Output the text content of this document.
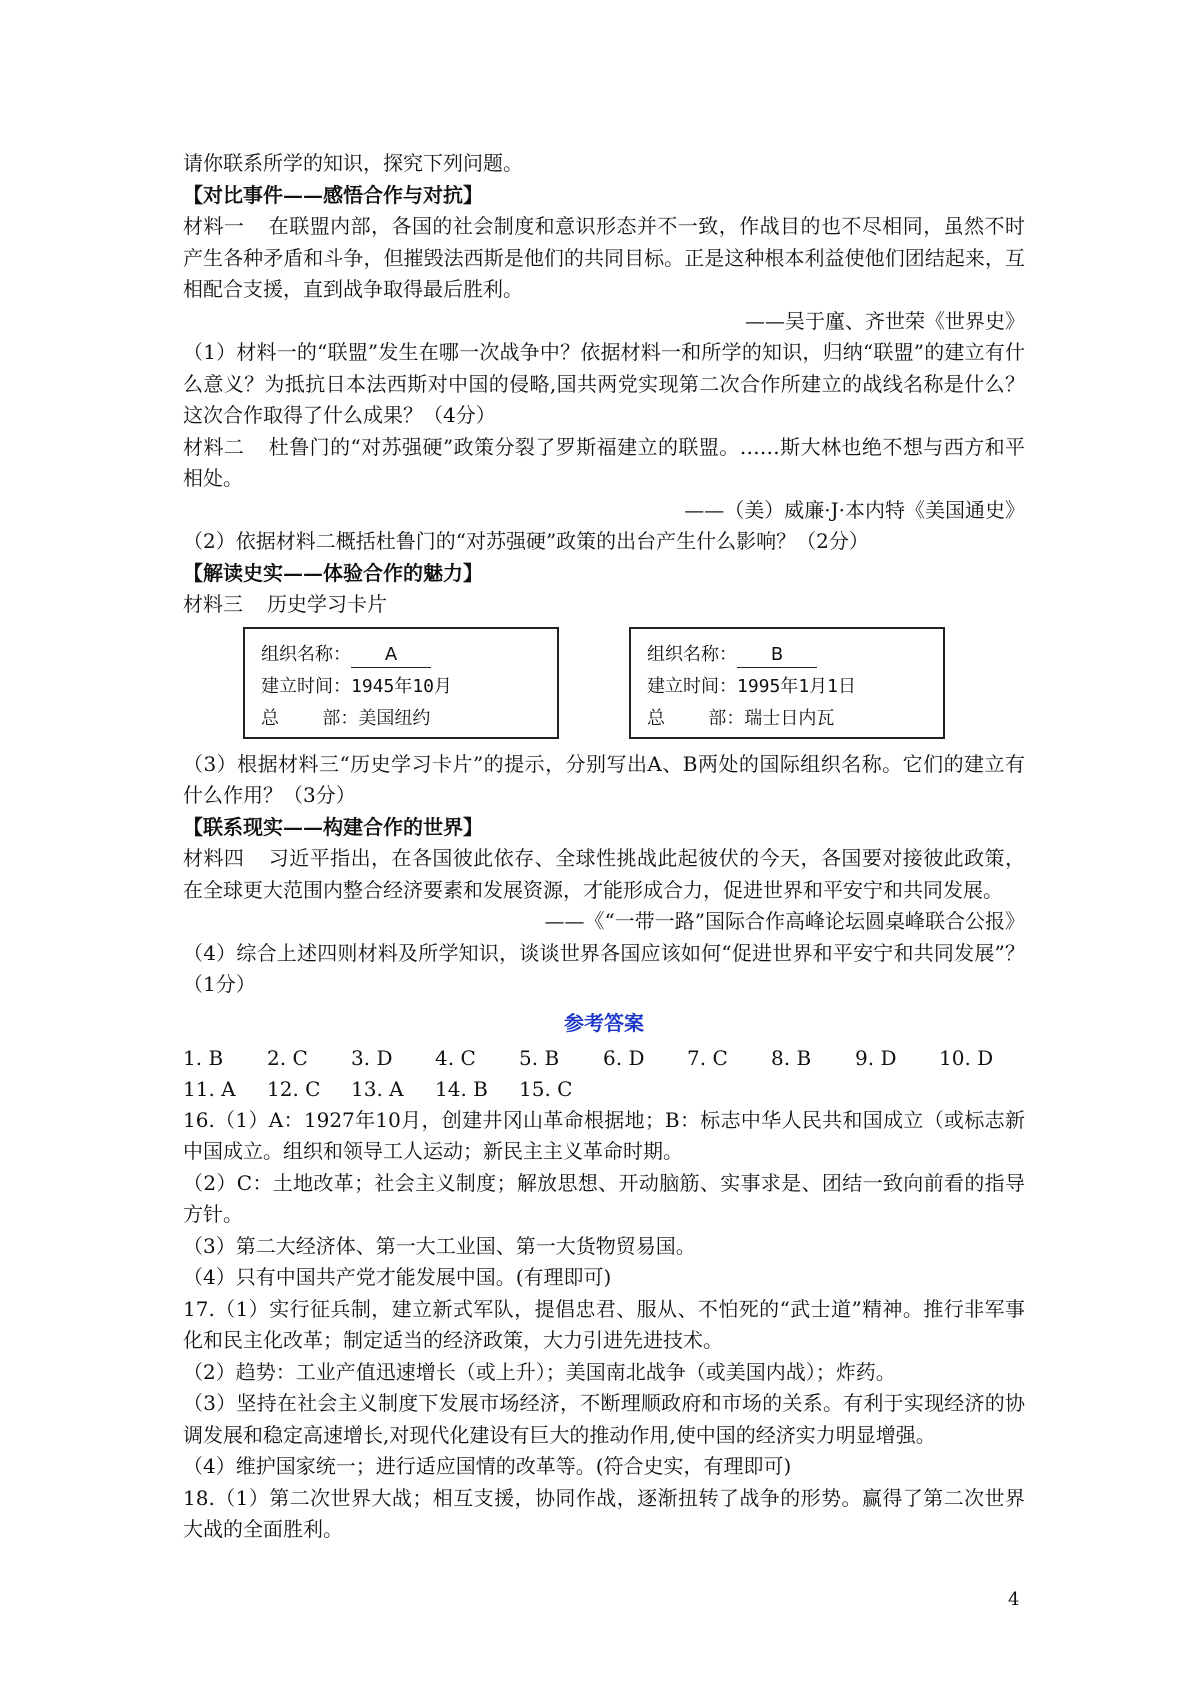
请你联系所学的知识，探究下列问题。
【对比事件——感悟合作与对抗】
材料一 在联盟内部，各国的社会制度和意识形态并不一致，作战目的也不尽相同，虽然不时产生各种矛盾和斗争，但摧毁法西斯是他们的共同目标。正是这种根本利益使他们团结起来，互相配合支援，直到战争取得最后胜利。
——吴于廑、齐世荣《世界史》
（1）材料一的“联盟”发生在哪一次战争中？依据材料一和所学的知识，归纳“联盟”的建立有什么意义？为抵抗日本法西斯对中国的侵略,国共两党实现第二次合作所建立的战线名称是什么？这次合作取得了什么成果？（4分）
材料二 杜鲁门的“对苏强硬”政策分裂了罗斯福建立的联盟。……斯大林也绝不想与西方和平相处。
——（美）威廉·J·本内特《美国通史》
（2）依据材料二概括杜鲁门的“对苏强硬”政策的出台产生什么影响？（2分）
【解读史实——体验合作的魅力】
材料三 历史学习卡片
组织名称： A
建立时间：1945年10月
总    部：美国纽约
组织名称： B
建立时间：1995年1月1日
总    部：瑞士日内瓦
（3）根据材料三“历史学习卡片”的提示，分别写出A、B两处的国际组织名称。它们的建立有什么作用？（3分）
【联系现实——构建合作的世界】
材料四 习近平指出，在各国彼此依存、全球性挑战此起彼伏的今天，各国要对接彼此政策，在全球更大范围内整合经济要素和发展资源，才能形成合力，促进世界和平安宁和共同发展。
——《“一带一路”国际合作高峰论坛圆桌峰联合公报》
（4）综合上述四则材料及所学知识，谈谈世界各国应该如何“促进世界和平安宁和共同发展”？（1分）
参考答案
1. B	2. C	3. D	4. C	5. B	6. D	7. C	8. B	9. D	10. D
11. A	12. C	13. A	14. B	15. C
16.（1）A：1927年10月，创建井冈山革命根据地；B：标志中华人民共和国成立（或标志新中国成立。组织和领导工人运动；新民主主义革命时期。
（2）C：土地改革；社会主义制度；解放思想、开动脑筋、实事求是、团结一致向前看的指导方针。
（3）第二大经济体、第一大工业国、第一大货物贸易国。
（4）只有中国共产党才能发展中国。(有理即可)
17.（1）实行征兵制，建立新式军队，提倡忠君、服从、不怕死的“武士道”精神。推行非军事化和民主化改革；制定适当的经济政策，大力引进先进技术。
（2）趋势：工业产值迅速增长（或上升）；美国南北战争（或美国内战）；炸药。
（3）坚持在社会主义制度下发展市场经济，不断理顺政府和市场的关系。有利于实现经济的协调发展和稳定高速增长,对现代化建设有巨大的推动作用,使中国的经济实力明显增强。
（4）维护国家统一；进行适应国情的改革等。(符合史实，有理即可)
18.（1）第二次世界大战；相互支援，协同作战，逐渐扭转了战争的形势。赢得了第二次世界大战的全面胜利。
4
